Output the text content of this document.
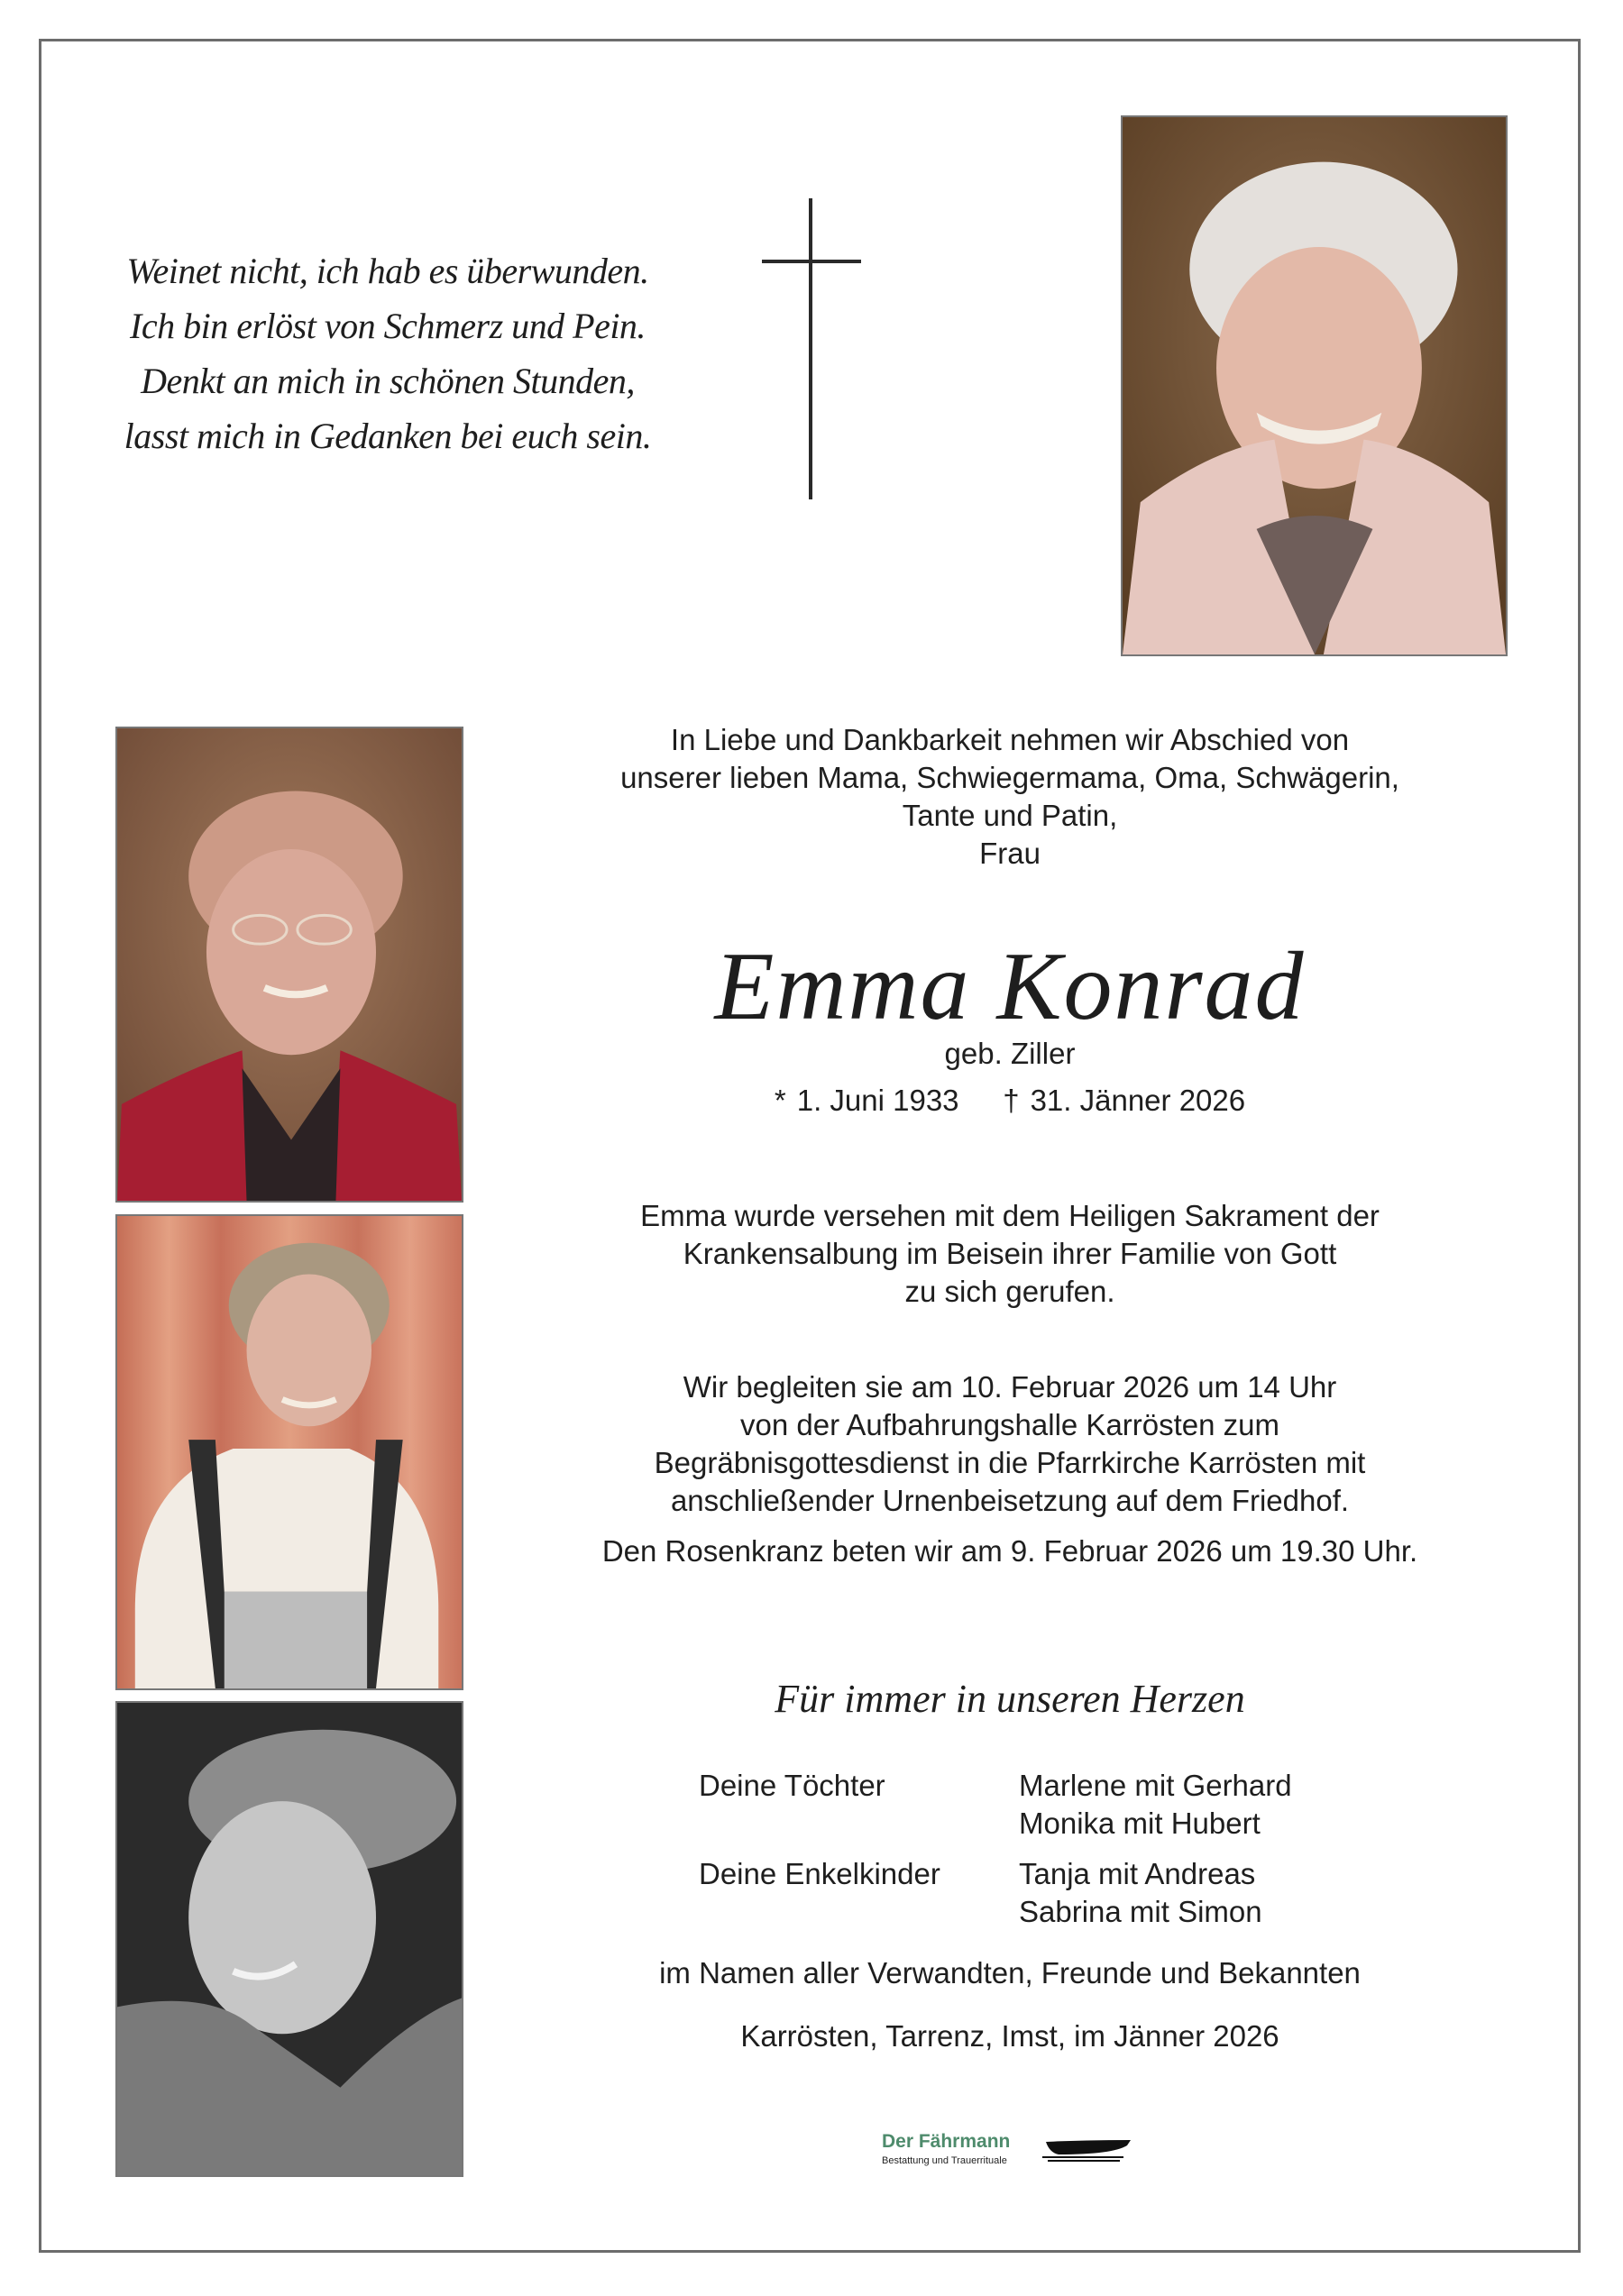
Weinet nicht, ich hab es überwunden.
Ich bin erlöst von Schmerz und Pein.
Denkt an mich in schönen Stunden,
lasst mich in Gedanken bei euch sein.
In Liebe und Dankbarkeit nehmen wir Abschied von
unserer lieben Mama, Schwiegermama, Oma, Schwägerin,
Tante und Patin,
Frau
Emma Konrad
geb. Ziller
* 1. Juni 1933 † 31. Jänner 2026
Emma wurde versehen mit dem Heiligen Sakrament der
Krankensalbung im Beisein ihrer Familie von Gott
zu sich gerufen.
Wir begleiten sie am 10. Februar 2026 um 14 Uhr
von der Aufbahrungshalle Karrösten zum
Begräbnisgottesdienst in die Pfarrkirche Karrösten mit
anschließender Urnenbeisetzung auf dem Friedhof.
Den Rosenkranz beten wir am 9. Februar 2026 um 19.30 Uhr.
Für immer in unseren Herzen
Deine Töchter	Marlene mit Gerhard
Monika mit Hubert
Deine Enkelkinder	Tanja mit Andreas
Sabrina mit Simon
im Namen aller Verwandten, Freunde und Bekannten
Karrösten, Tarrenz, Imst, im Jänner 2026
Der Fährmann
Bestattung und Trauerrituale
